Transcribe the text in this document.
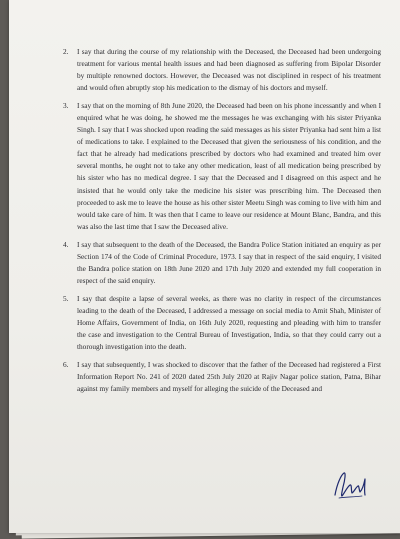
2. I say that during the course of my relationship with the Deceased, the Deceased had been undergoing treatment for various mental health issues and had been diagnosed as suffering from Bipolar Disorder by multiple renowned doctors. However, the Deceased was not disciplined in respect of his treatment and would often abruptly stop his medication to the dismay of his doctors and myself.
3. I say that on the morning of 8th June 2020, the Deceased had been on his phone incessantly and when I enquired what he was doing, he showed me the messages he was exchanging with his sister Priyanka Singh. I say that I was shocked upon reading the said messages as his sister Priyanka had sent him a list of medications to take. I explained to the Deceased that given the seriousness of his condition, and the fact that he already had medications prescribed by doctors who had examined and treated him over several months, he ought not to take any other medication, least of all medication being prescribed by his sister who has no medical degree. I say that the Deceased and I disagreed on this aspect and he insisted that he would only take the medicine his sister was prescribing him. The Deceased then proceeded to ask me to leave the house as his other sister Meetu Singh was coming to live with him and would take care of him. It was then that I came to leave our residence at Mount Blanc, Bandra, and this was also the last time that I saw the Deceased alive.
4. I say that subsequent to the death of the Deceased, the Bandra Police Station initiated an enquiry as per Section 174 of the Code of Criminal Procedure, 1973. I say that in respect of the said enquiry, I visited the Bandra police station on 18th June 2020 and 17th July 2020 and extended my full cooperation in respect of the said enquiry.
5. I say that despite a lapse of several weeks, as there was no clarity in respect of the circumstances leading to the death of the Deceased, I addressed a message on social media to Amit Shah, Minister of Home Affairs, Government of India, on 16th July 2020, requesting and pleading with him to transfer the case and investigation to the Central Bureau of Investigation, India, so that they could carry out a thorough investigation into the death.
6. I say that subsequently, I was shocked to discover that the father of the Deceased had registered a First Information Report No. 241 of 2020 dated 25th July 2020 at Rajiv Nagar police station, Patna, Bihar against my family members and myself for alleging the suicide of the Deceased and
